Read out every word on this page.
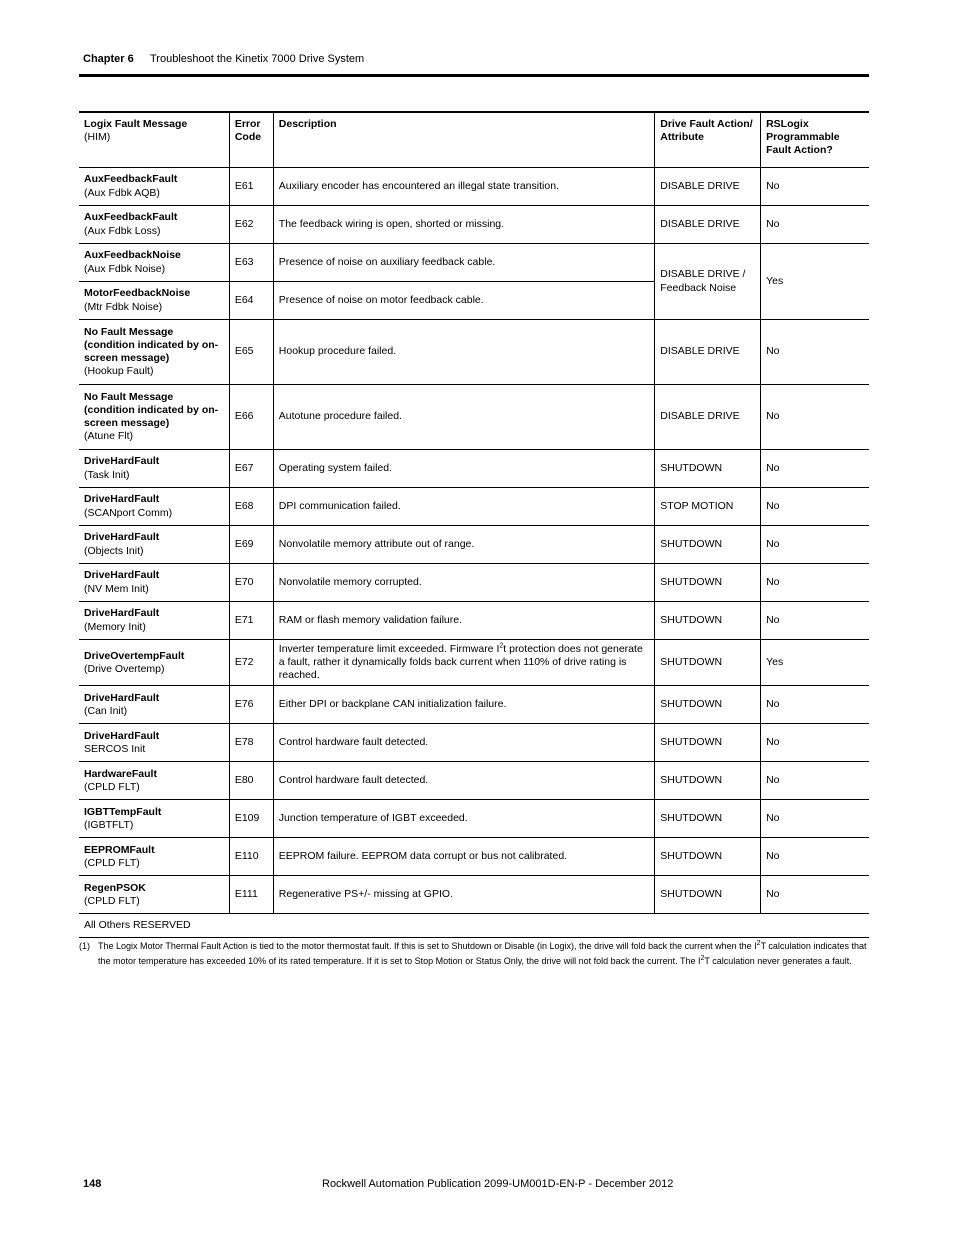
Chapter 6 Troubleshoot the Kinetix 7000 Drive System
Logix Fault Message
(HIM)	Error Code	Description	Drive Fault Action/ Attribute	RSLogix Programmable Fault Action?
AuxFeedbackFault
(Aux Fdbk AQB)	E61	Auxiliary encoder has encountered an illegal state transition.	DISABLE DRIVE	No
AuxFeedbackFault
(Aux Fdbk Loss)	E62	The feedback wiring is open, shorted or missing.	DISABLE DRIVE	No
AuxFeedbackNoise
(Aux Fdbk Noise)	E63	Presence of noise on auxiliary feedback cable.	DISABLE DRIVE / Feedback Noise	Yes
MotorFeedbackNoise
(Mtr Fdbk Noise)	E64	Presence of noise on motor feedback cable.		
No Fault Message (condition indicated by on-screen message)
(Hookup Fault)	E65	Hookup procedure failed.	DISABLE DRIVE	No
No Fault Message (condition indicated by on-screen message)
(Atune Flt)	E66	Autotune procedure failed.	DISABLE DRIVE	No
DriveHardFault
(Task Init)	E67	Operating system failed.	SHUTDOWN	No
DriveHardFault
(SCANport Comm)	E68	DPI communication failed.	STOP MOTION	No
DriveHardFault
(Objects Init)	E69	Nonvolatile memory attribute out of range.	SHUTDOWN	No
DriveHardFault
(NV Mem Init)	E70	Nonvolatile memory corrupted.	SHUTDOWN	No
DriveHardFault
(Memory Init)	E71	RAM or flash memory validation failure.	SHUTDOWN	No
DriveOvertempFault
(Drive Overtemp)	E72	Inverter temperature limit exceeded. Firmware $I^2t$ protection does not generate a fault, rather it dynamically folds back current when 110% of drive rating is reached.	SHUTDOWN	Yes
DriveHardFault
(Can Init)	E76	Either DPI or backplane CAN initialization failure.	SHUTDOWN	No
DriveHardFault
SERCOS Init	E78	Control hardware fault detected.	SHUTDOWN	No
HardwareFault
(CPLD FLT)	E80	Control hardware fault detected.	SHUTDOWN	No
IGBTTempFault
(IGBTFLT)	E109	Junction temperature of IGBT exceeded.	SHUTDOWN	No
EEPROMFault
(CPLD FLT)	E110	EEPROM failure. EEPROM data corrupt or bus not calibrated.	SHUTDOWN	No
RegenPSOK
(CPLD FLT)	E111	Regenerative PS+/- missing at GPIO.	SHUTDOWN	No
All Others RESERVED				
(1) The Logix Motor Thermal Fault Action is tied to the motor thermostat fault. If this is set to Shutdown or Disable (in Logix), the drive will fold back the current when the $I^2T$ calculation indicates that the motor temperature has exceeded 10% of its rated temperature. If it is set to Stop Motion or Status Only, the drive will not fold back the current. The $I^2T$ calculation never generates a fault.
148	Rockwell Automation Publication 2099-UM001D-EN-P - December 2012
